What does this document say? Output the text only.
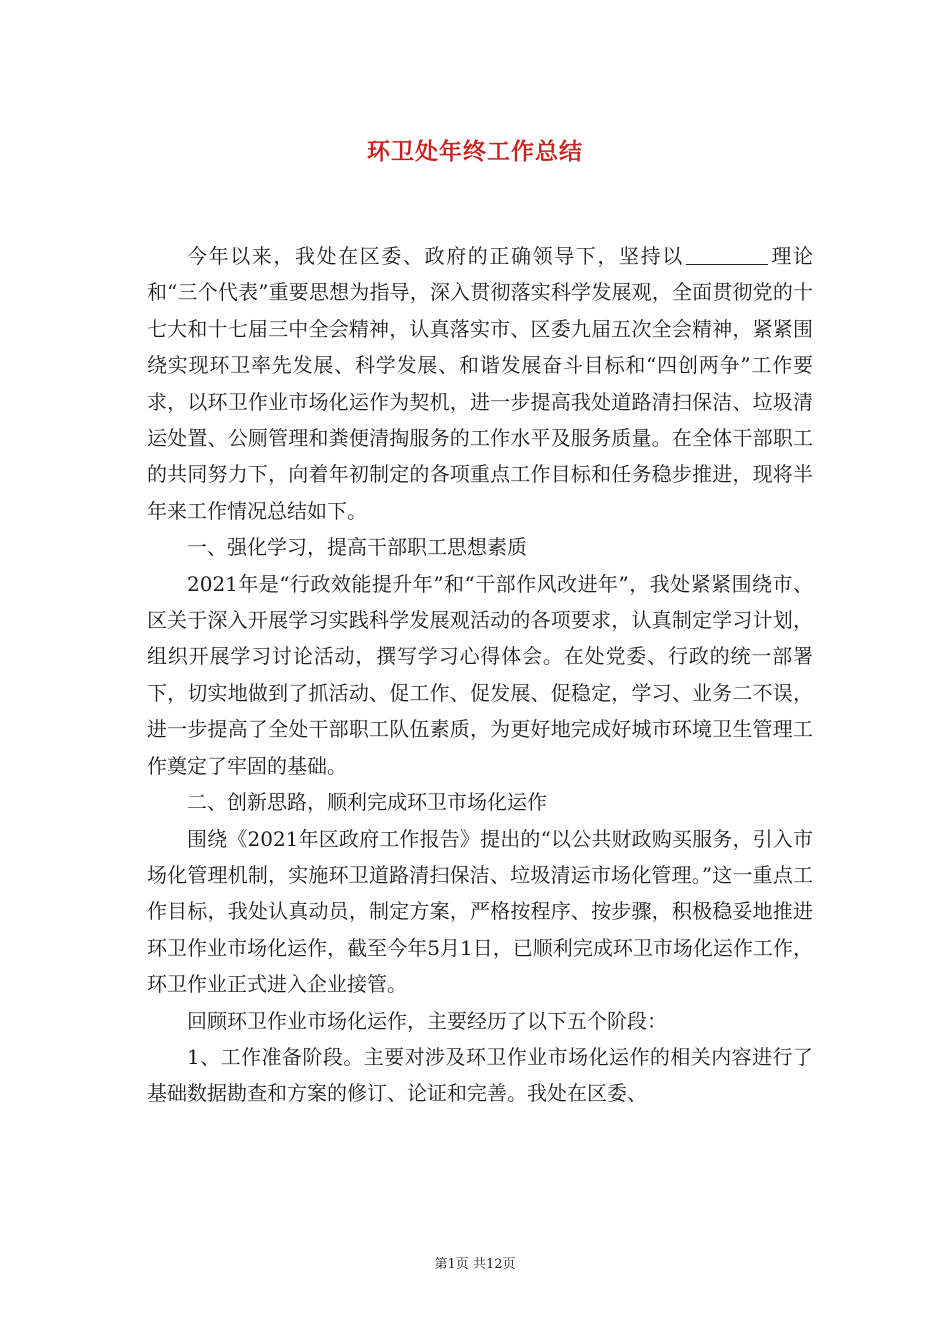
环卫处年终工作总结

今年以来，我处在区委、政府的正确领导下，坚持以	理论和“三个代表”重要思想为指导，深入贯彻落实科学发展观，全面贯彻党的十七大和十七届三中全会精神，认真落实市、区委九届五次全会精神，紧紧围绕实现环卫率先发展、科学发展、和谐发展奋斗目标和“四创两争”工作要求，以环卫作业市场化运作为契机，进一步提高我处道路清扫保洁、垃圾清运处置、公厕管理和粪便清掏服务的工作水平及服务质量。在全体干部职工的共同努力下，向着年初制定的各项重点工作目标和任务稳步推进，现将半年来工作情况总结如下。

一、强化学习，提高干部职工思想素质

2021年是“行政效能提升年”和“干部作风改进年”，我处紧紧围绕市、区关于深入开展学习实践科学发展观活动的各项要求，认真制定学习计划，组织开展学习讨论活动，撰写学习心得体会。在处党委、行政的统一部署下，切实地做到了抓活动、促工作、促发展、促稳定，学习、业务二不误，进一步提高了全处干部职工队伍素质，为更好地完成好城市环境卫生管理工作奠定了牢固的基础。

二、创新思路，顺利完成环卫市场化运作

围绕《2021年区政府工作报告》提出的“以公共财政购买服务，引入市场化管理机制，实施环卫道路清扫保洁、垃圾清运市场化管理。”这一重点工作目标，我处认真动员，制定方案，严格按程序、按步骤，积极稳妥地推进环卫作业市场化运作，截至今年5月1日，已顺利完成环卫市场化运作工作，环卫作业正式进入企业接管。

回顾环卫作业市场化运作，主要经历了以下五个阶段：

1、工作准备阶段。主要对涉及环卫作业市场化运作的相关内容进行了基础数据勘查和方案的修订、论证和完善。我处在区委、

第1页 共12页
